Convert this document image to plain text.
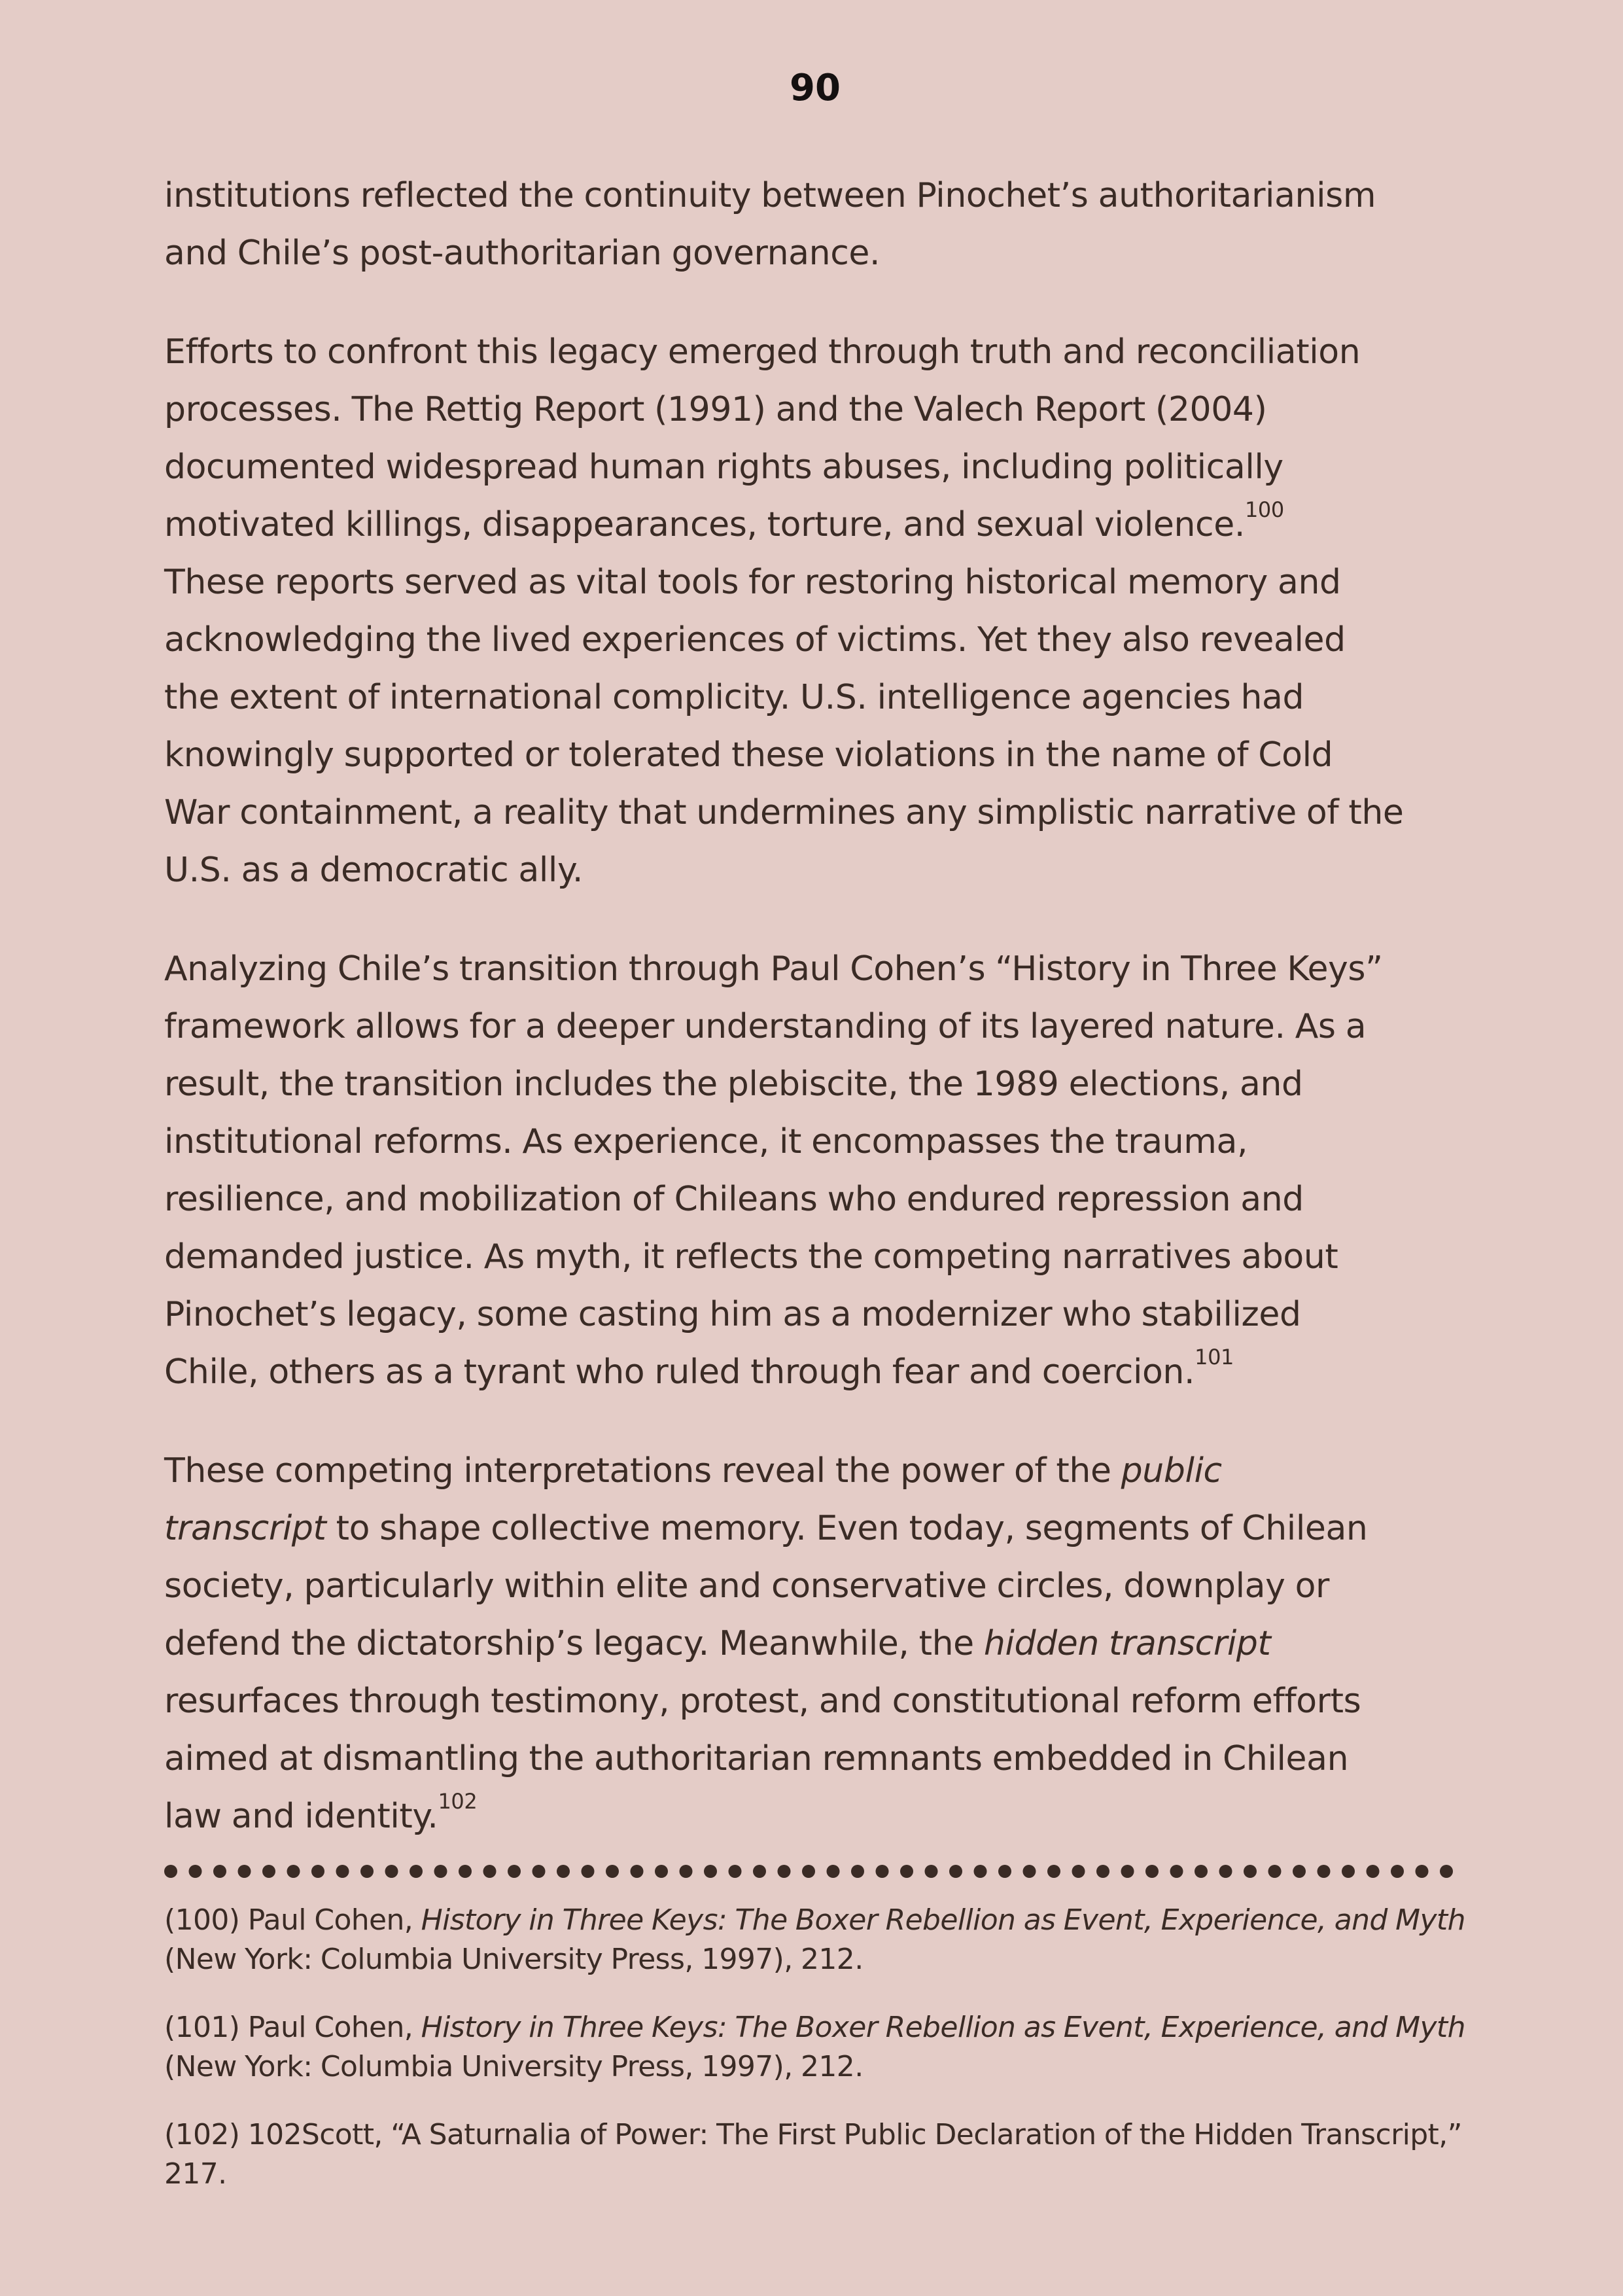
90

institutions reflected the continuity between Pinochet’s authoritarianism
and Chile’s post-authoritarian governance.

Efforts to confront this legacy emerged through truth and reconciliation
processes. The Rettig Report (1991) and the Valech Report (2004)
documented widespread human rights abuses, including politically
motivated killings, disappearances, torture, and sexual violence.$^{100}$
These reports served as vital tools for restoring historical memory and
acknowledging the lived experiences of victims. Yet they also revealed
the extent of international complicity. U.S. intelligence agencies had
knowingly supported or tolerated these violations in the name of Cold
War containment, a reality that undermines any simplistic narrative of the
U.S. as a democratic ally.

Analyzing Chile’s transition through Paul Cohen’s “History in Three Keys”
framework allows for a deeper understanding of its layered nature. As a
result, the transition includes the plebiscite, the 1989 elections, and
institutional reforms. As experience, it encompasses the trauma,
resilience, and mobilization of Chileans who endured repression and
demanded justice. As myth, it reflects the competing narratives about
Pinochet’s legacy, some casting him as a modernizer who stabilized
Chile, others as a tyrant who ruled through fear and coercion.$^{101}$

These competing interpretations reveal the power of the public
transcript to shape collective memory. Even today, segments of Chilean
society, particularly within elite and conservative circles, downplay or
defend the dictatorship’s legacy. Meanwhile, the hidden transcript
resurfaces through testimony, protest, and constitutional reform efforts
aimed at dismantling the authoritarian remnants embedded in Chilean
law and identity.$^{102}$

(100) Paul Cohen, History in Three Keys: The Boxer Rebellion as Event, Experience, and Myth
(New York: Columbia University Press, 1997), 212.

(101) Paul Cohen, History in Three Keys: The Boxer Rebellion as Event, Experience, and Myth
(New York: Columbia University Press, 1997), 212.

(102) 102Scott, “A Saturnalia of Power: The First Public Declaration of the Hidden Transcript,”
217.
